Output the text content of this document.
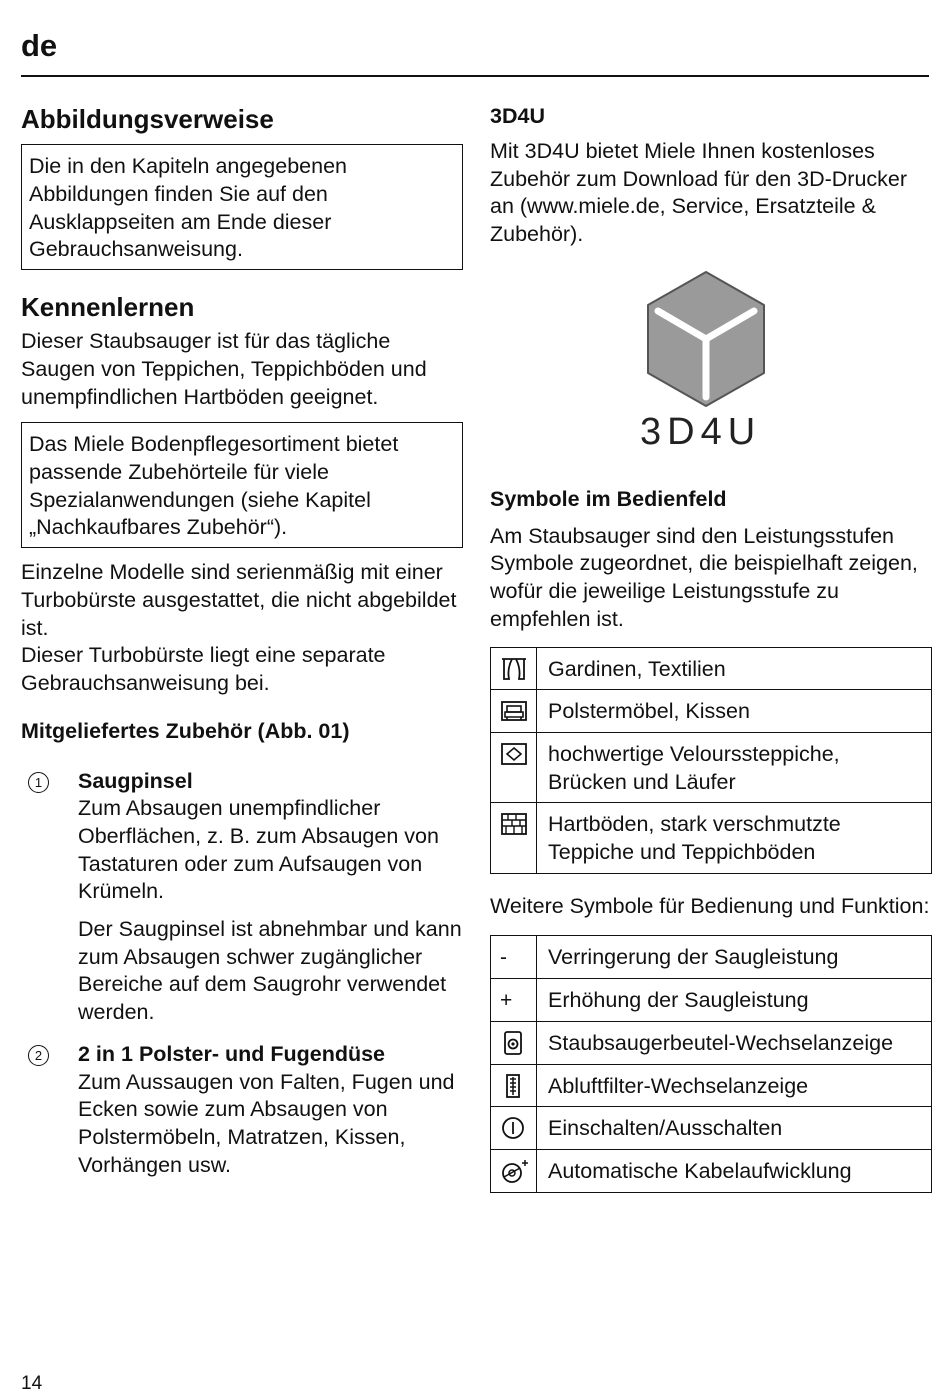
de
Abbildungsverweise

Die in den Kapiteln angegebenen Abbildungen finden Sie auf den Ausklappseiten am Ende dieser Gebrauchsanweisung.

Kennenlernen

Dieser Staubsauger ist für das tägliche Saugen von Teppichen, Teppichböden und unempfindlichen Hartböden geeignet.

Das Miele Bodenpflegesortiment bietet passende Zubehörteile für viele Spezialanwendungen (siehe Kapitel „Nachkaufbares Zubehör“).

Einzelne Modelle sind serienmäßig mit einer Turbobürste ausgestattet, die nicht abgebildet ist.

Dieser Turbobürste liegt eine separate Gebrauchsanweisung bei.

Mitgeliefertes Zubehör (Abb. 01)
1	Saugpinsel

Zum Absaugen unempfindlicher Oberflächen, z. B. zum Absaugen von Tastaturen oder zum Aufsaugen von Krümeln.

Der Saugpinsel ist abnehmbar und kann zum Absaugen schwer zugänglicher Bereiche auf dem Saugrohr verwendet werden.

2	2 in 1 Polster- und Fugendüse

Zum Aussaugen von Falten, Fugen und Ecken sowie zum Absaugen von Polstermöbeln, Matratzen, Kissen, Vorhängen usw.

3D4U

Mit 3D4U bietet Miele Ihnen kostenloses Zubehör zum Download für den 3D-Drucker an (www.miele.de, Service, Ersatzteile & Zubehör).

3D4U
Symbole im Bedienfeld

Am Staubsauger sind den Leistungsstufen Symbole zugeordnet, die beispielhaft zeigen, wofür die jeweilige Leistungsstufe zu empfehlen ist.

	Gardinen, Textilien
	Polstermöbel, Kissen
	hochwertige Velourssteppiche, Brücken und Läufer
	Hartböden, stark verschmutzte Teppiche und Teppichböden

Weitere Symbole für Bedienung und Funktion:

-	Verringerung der Saugleistung
+	Erhöhung der Saugleistung
	Staubsaugerbeutel-Wechselanzeige
	Abluftfilter-Wechselanzeige
	Einschalten/Ausschalten
	Automatische Kabelaufwicklung
14
